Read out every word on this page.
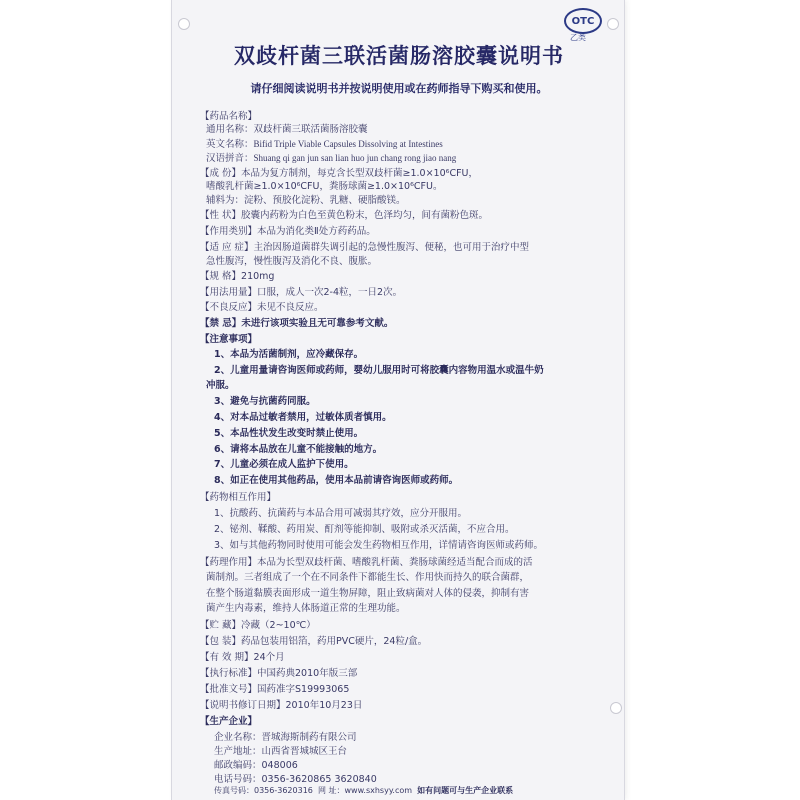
OTC
乙类
双歧杆菌三联活菌肠溶胶囊说明书
请仔细阅读说明书并按说明使用或在药师指导下购买和使用。
【药品名称】
通用名称：双歧杆菌三联活菌肠溶胶囊
英文名称：Bifid Triple Viable Capsules Dissolving at Intestines
汉语拼音：Shuang qi gan jun san lian huo jun chang rong jiao nang
【成 份】本品为复方制剂，每克含长型双歧杆菌≥1.0×10⁶CFU，
嗜酸乳杆菌≥1.0×10⁶CFU，粪肠球菌≥1.0×10⁶CFU。
辅料为：淀粉、预胶化淀粉、乳糖、硬脂酸镁。
【性 状】胶囊内药粉为白色至黄色粉末，色泽均匀，间有菌粉色斑。
【作用类别】本品为消化类Ⅱ处方药药品。
【适 应 症】主治因肠道菌群失调引起的急慢性腹泻、便秘，也可用于治疗中型
急性腹泻，慢性腹泻及消化不良、腹胀。
【规 格】210mg
【用法用量】口服，成人一次2-4粒，一日2次。
【不良反应】未见不良反应。
【禁 忌】未进行该项实验且无可靠参考文献。
【注意事项】
1、本品为活菌制剂，应冷藏保存。
2、儿童用量请咨询医师或药师，婴幼儿服用时可将胶囊内容物用温水或温牛奶
冲服。
3、避免与抗菌药同服。
4、对本品过敏者禁用，过敏体质者慎用。
5、本品性状发生改变时禁止使用。
6、请将本品放在儿童不能接触的地方。
7、儿童必须在成人监护下使用。
8、如正在使用其他药品，使用本品前请咨询医师或药师。
【药物相互作用】
1、抗酸药、抗菌药与本品合用可减弱其疗效，应分开服用。
2、铋剂、鞣酸、药用炭、酊剂等能抑制、吸附或杀灭活菌，不应合用。
3、如与其他药物同时使用可能会发生药物相互作用，详情请咨询医师或药师。
【药理作用】本品为长型双歧杆菌、嗜酸乳杆菌、粪肠球菌经适当配合而成的活
菌制剂。三者组成了一个在不同条件下都能生长、作用快而持久的联合菌群，
在整个肠道黏膜表面形成一道生物屏障，阻止致病菌对人体的侵袭，抑制有害
菌产生内毒素，维持人体肠道正常的生理功能。
【贮 藏】冷藏（2~10℃）
【包 装】药品包装用铝箔，药用PVC硬片，24粒/盒。
【有 效 期】24个月
【执行标准】中国药典2010年版三部
【批准文号】国药准字S19993065
【说明书修订日期】2010年10月23日
【生产企业】
企业名称：晋城海斯制药有限公司
生产地址：山西省晋城城区王台
邮政编码：048006
电话号码：0356-3620865 3620840
传真号码：0356-3620316 网 址：www.sxhsyy.com 如有问题可与生产企业联系
